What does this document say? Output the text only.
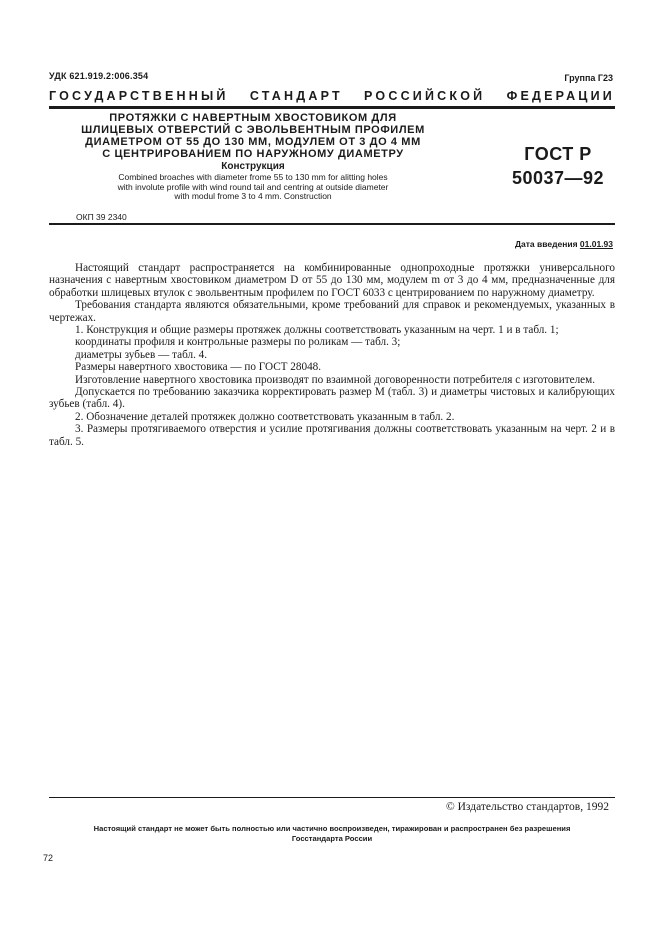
УДК 621.919.2:006.354	Группа Г23
ГОСУДАРСТВЕННЫЙ СТАНДАРТ РОССИЙСКОЙ ФЕДЕРАЦИИ
ПРОТЯЖКИ С НАВЕРТНЫМ ХВОСТОВИКОМ ДЛЯ
ШЛИЦЕВЫХ ОТВЕРСТИЙ С ЭВОЛЬВЕНТНЫМ ПРОФИЛЕМ
ДИАМЕТРОМ ОТ 55 ДО 130 ММ, МОДУЛЕМ ОТ 3 ДО 4 ММ
С ЦЕНТРИРОВАНИЕМ ПО НАРУЖНОМУ ДИАМЕТРУ
Конструкция
Combined broaches with diameter frome 55 to 130 mm for alitting holes
with involute profile with wind round tail and centring at outside diameter
with modul frome 3 to 4 mm. Construction
ГОСТ Р
50037—92
ОКП 39 2340
Дата введения 01.01.93

Настоящий стандарт распространяется на комбинированные однопроходные протяжки универсального назначения с навертным хвостовиком диаметром D от 55 до 130 мм, модулем m от 3 до 4 мм, предназначенные для обработки шлицевых втулок с эвольвентным профилем по ГОСТ 6033 с центрированием по наружному диаметру.

Требования стандарта являются обязательными, кроме требований для справок и рекомендуемых, указанных в чертежах.

1. Конструкция и общие размеры протяжек должны соответствовать указанным на черт. 1 и в табл. 1;

координаты профиля и контрольные размеры по роликам — табл. 3;

диаметры зубьев — табл. 4.

Размеры навертного хвостовика — по ГОСТ 28048.

Изготовление навертного хвостовика производят по взаимной договоренности потребителя с изготовителем.

Допускается по требованию заказчика корректировать размер M (табл. 3) и диаметры чистовых и калибрующих зубьев (табл. 4).

2. Обозначение деталей протяжек должно соответствовать указанным в табл. 2.

3. Размеры протягиваемого отверстия и усилие протягивания должны соответствовать указанным на черт. 2 и в табл. 5.

© Издательство стандартов, 1992
Настоящий стандарт не может быть полностью или частично воспроизведен, тиражирован и распространен без разрешения
Госстандарта России
72
